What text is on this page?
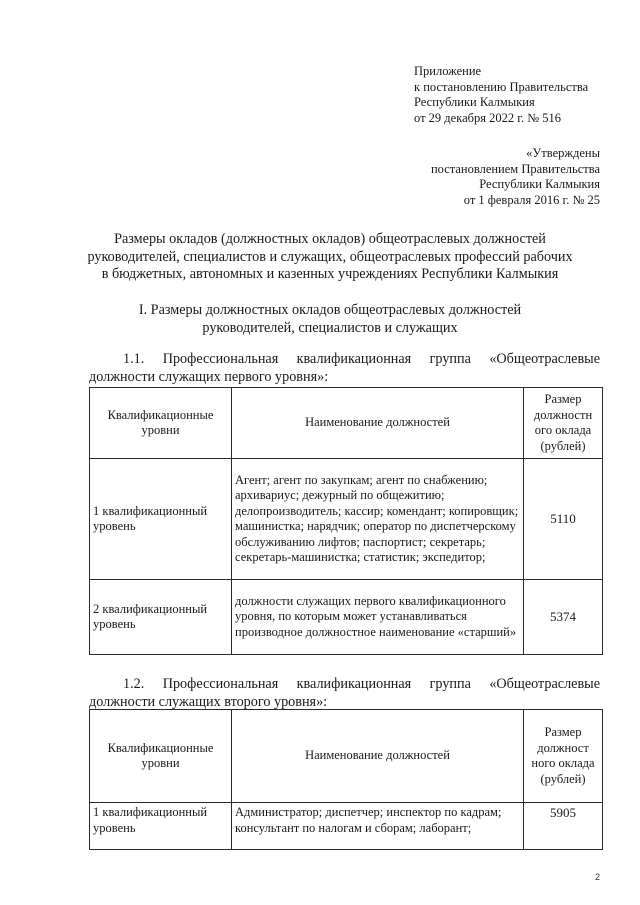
Приложение
к постановлению Правительства
Республики Калмыкия
от 29 декабря 2022 г. № 516
«Утверждены
постановлением Правительства
Республики Калмыкия
от 1 февраля 2016 г. № 25
Размеры окладов (должностных окладов) общеотраслевых должностей
руководителей, специалистов и служащих, общеотраслевых профессий рабочих
в бюджетных, автономных и казенных учреждениях Республики Калмыкия
I. Размеры должностных окладов общеотраслевых должностей
руководителей, специалистов и служащих
1.1. Профессиональная квалификационная группа «Общеотраслевые
должности служащих первого уровня»:
Квалификационные уровни	Наименование должностей	Размер должностн ого оклада (рублей)
1 квалификационный уровень	Агент; агент по закупкам; агент по снабжению; архивариус; дежурный по общежитию; делопроизводитель; кассир; комендант; копировщик; машинистка; нарядчик; оператор по диспетчерскому обслуживанию лифтов; паспортист; секретарь; секретарь-машинистка; статистик; экспедитор;	5110
2 квалификационный уровень	должности служащих первого квалификационного уровня, по которым может устанавливаться производное должностное наименование «старший»	5374
1.2. Профессиональная квалификационная группа «Общеотраслевые
должности служащих второго уровня»:
Квалификационные уровни	Наименование должностей	Размер должност ного оклада (рублей)
1 квалификационный уровень	Администратор; диспетчер; инспектор по кадрам; консультант по налогам и сборам; лаборант;	5905
2
